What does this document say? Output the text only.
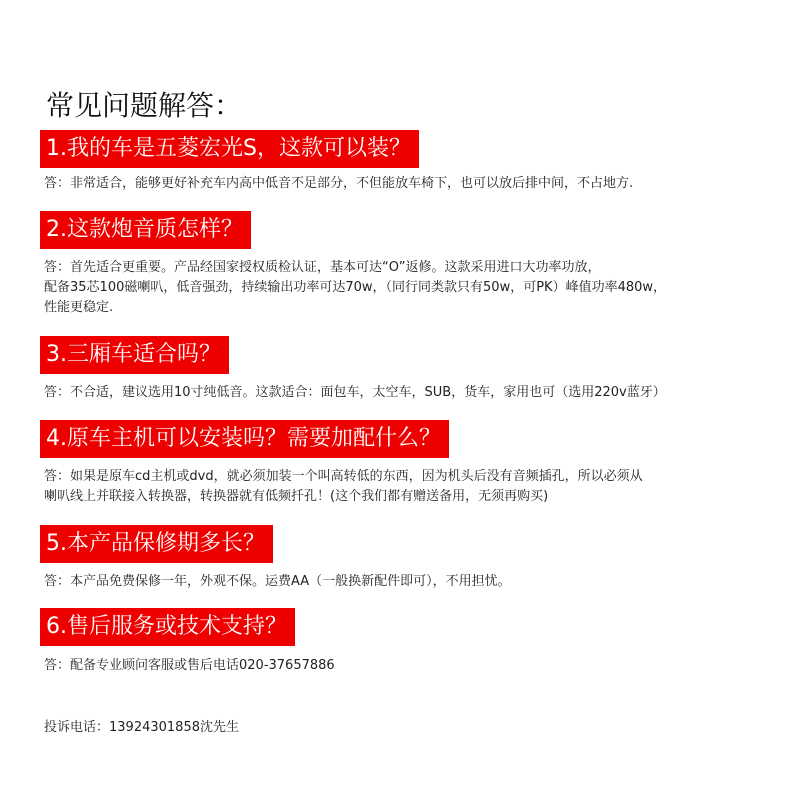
常见问题解答：
1.我的车是五菱宏光S，这款可以装？
答：非常适合，能够更好补充车内高中低音不足部分，不但能放车椅下，也可以放后排中间，不占地方.
2.这款炮音质怎样？
答：首先适合更重要。产品经国家授权质检认证，基本可达“O”返修。这款采用进口大功率功放，
配备35芯100磁喇叭，低音强劲，持续输出功率可达70w，（同行同类款只有50w，可PK）峰值功率480w，
性能更稳定.
3.三厢车适合吗？
答：不合适，建议选用10寸纯低音。这款适合：面包车，太空车，SUB，货车，家用也可（选用220v蓝牙）
4.原车主机可以安装吗？需要加配什么？
答：如果是原车cd主机或dvd，就必须加装一个叫高转低的东西，因为机头后没有音频插孔，所以必须从
喇叭线上并联接入转换器，转换器就有低频扦孔！(这个我们都有赠送备用，无须再购买)
5.本产品保修期多长？
答：本产品免费保修一年，外观不保。运费AA（一般换新配件即可），不用担忧。
6.售后服务或技术支持？
答：配备专业顾问客服或售后电话020-37657886
投诉电话：13924301858沈先生
